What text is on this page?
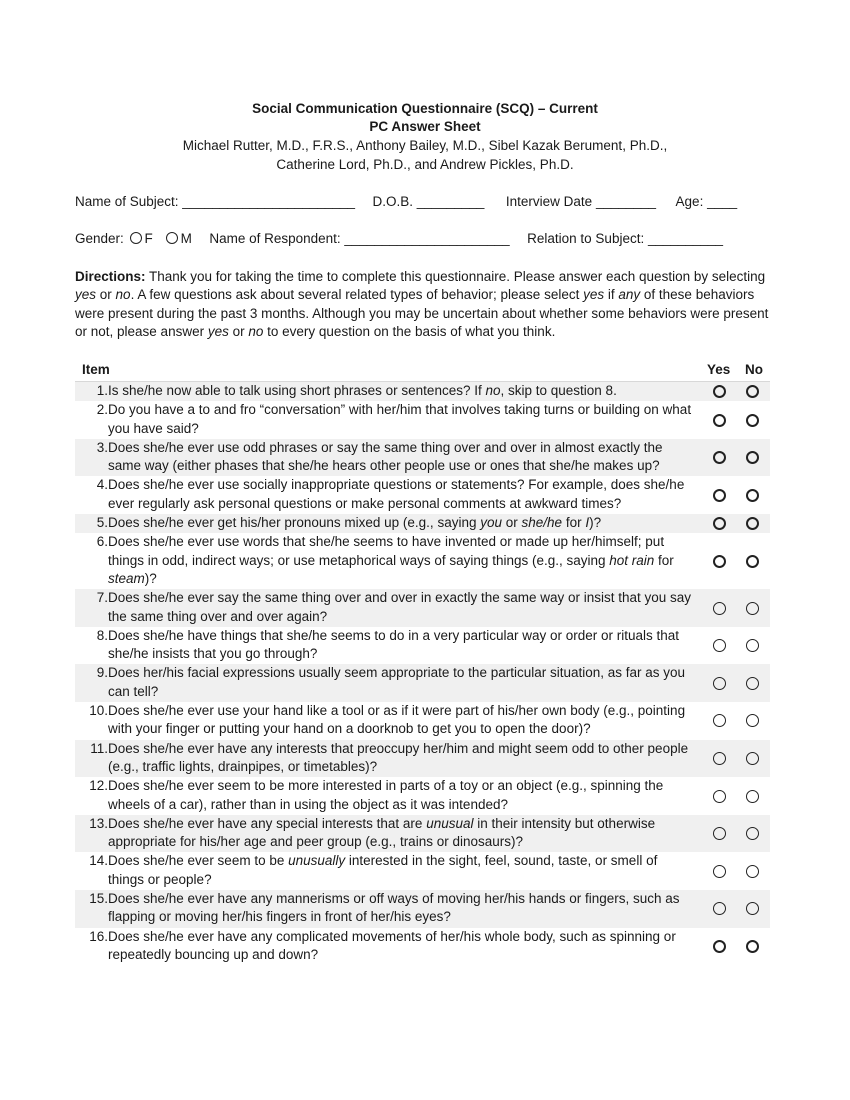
Social Communication Questionnaire (SCQ) – Current
PC Answer Sheet
Michael Rutter, M.D., F.R.S., Anthony Bailey, M.D., Sibel Kazak Berument, Ph.D.,
Catherine Lord, Ph.D., and Andrew Pickles, Ph.D.
Name of Subject: _______________________ D.O.B. _________ Interview Date ________ Age: ____
Gender: F M Name of Respondent: ______________________ Relation to Subject: __________
Directions: Thank you for taking the time to complete this questionnaire. Please answer each question by selecting yes or no. A few questions ask about several related types of behavior; please select yes if any of these behaviors were present during the past 3 months. Although you may be uncertain about whether some behaviors were present or not, please answer yes or no to every question on the basis of what you think.
Item	Yes No
1. Is she/he now able to talk using short phrases or sentences? If no, skip to question 8.
2. Do you have a to and fro “conversation” with her/him that involves taking turns or building on what you have said?
3. Does she/he ever use odd phrases or say the same thing over and over in almost exactly the same way (either phases that she/he hears other people use or ones that she/he makes up?
4. Does she/he ever use socially inappropriate questions or statements? For example, does she/he ever regularly ask personal questions or make personal comments at awkward times?
5. Does she/he ever get his/her pronouns mixed up (e.g., saying you or she/he for I)?
6. Does she/he ever use words that she/he seems to have invented or made up her/himself; put things in odd, indirect ways; or use metaphorical ways of saying things (e.g., saying hot rain for steam)?
7. Does she/he ever say the same thing over and over in exactly the same way or insist that you say the same thing over and over again?
8. Does she/he have things that she/he seems to do in a very particular way or order or rituals that she/he insists that you go through?
9. Does her/his facial expressions usually seem appropriate to the particular situation, as far as you can tell?
10. Does she/he ever use your hand like a tool or as if it were part of his/her own body (e.g., pointing with your finger or putting your hand on a doorknob to get you to open the door)?
11. Does she/he ever have any interests that preoccupy her/him and might seem odd to other people (e.g., traffic lights, drainpipes, or timetables)?
12. Does she/he ever seem to be more interested in parts of a toy or an object (e.g., spinning the wheels of a car), rather than in using the object as it was intended?
13. Does she/he ever have any special interests that are unusual in their intensity but otherwise appropriate for his/her age and peer group (e.g., trains or dinosaurs)?
14. Does she/he ever seem to be unusually interested in the sight, feel, sound, taste, or smell of things or people?
15. Does she/he ever have any mannerisms or off ways of moving her/his hands or fingers, such as flapping or moving her/his fingers in front of her/his eyes?
16. Does she/he ever have any complicated movements of her/his whole body, such as spinning or repeatedly bouncing up and down?
